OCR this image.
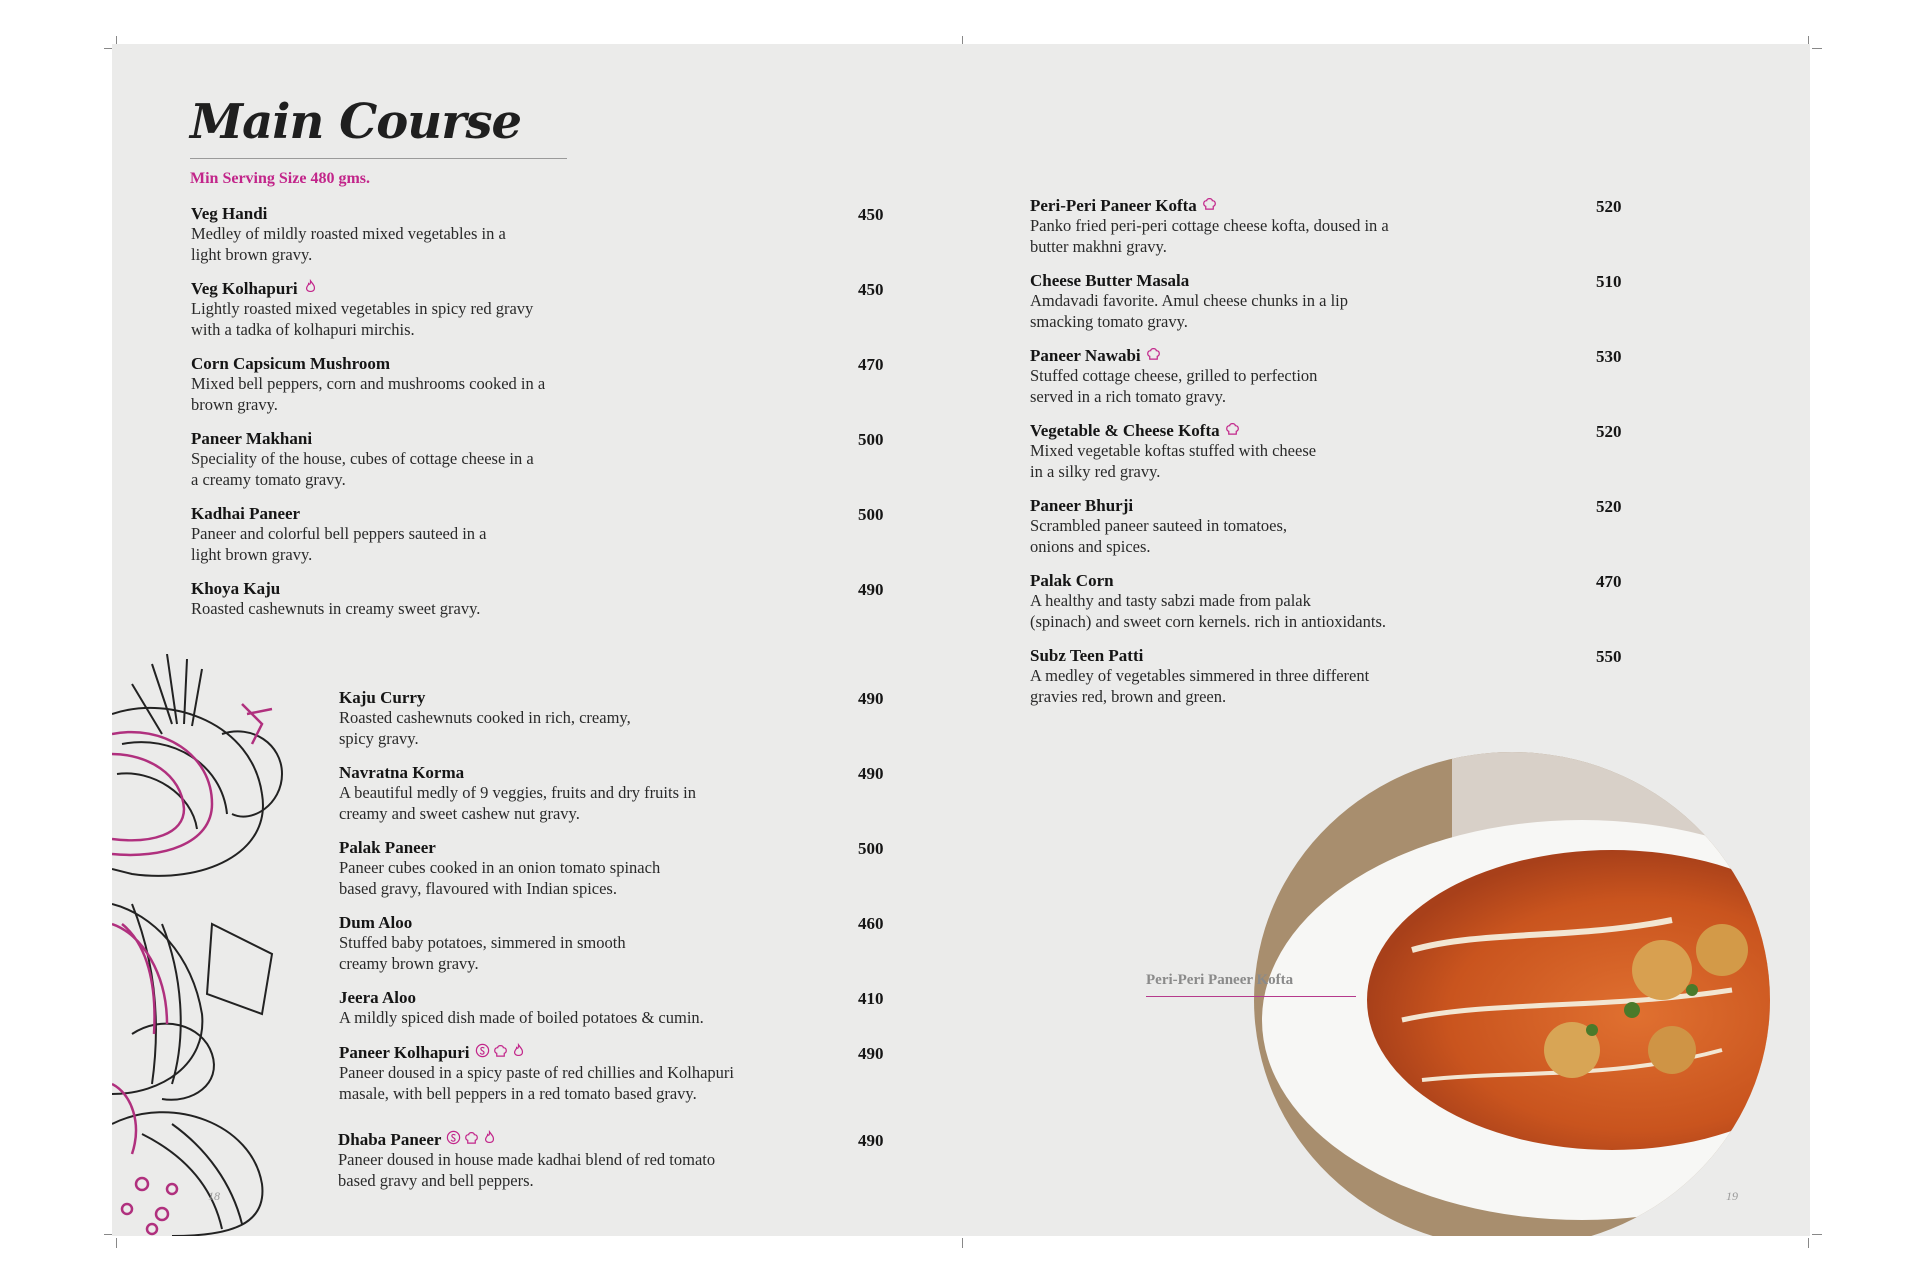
Main Course
Min Serving Size 480 gms.
Peri-Peri Paneer Kofta
18	19
Veg Handi
Medley of mildly roasted mixed vegetables in a
light brown gravy.
450
Veg Kolhapuri
Lightly roasted mixed vegetables in spicy red gravy
with a tadka of kolhapuri mirchis.
450
Corn Capsicum Mushroom
Mixed bell peppers, corn and mushrooms cooked in a
brown gravy.
470
Paneer Makhani
Speciality of the house, cubes of cottage cheese in a
a creamy tomato gravy.
500
Kadhai Paneer
Paneer and colorful bell peppers sauteed in a
light brown gravy.
500
Khoya Kaju
Roasted cashewnuts in creamy sweet gravy.
490
Kaju Curry
Roasted cashewnuts cooked in rich, creamy,
spicy gravy.
490
Navratna Korma
A beautiful medly of 9 veggies, fruits and dry fruits in
creamy and sweet cashew nut gravy.
490
Palak Paneer
Paneer cubes cooked in an onion tomato spinach
based gravy, flavoured with Indian spices.
500
Dum Aloo
Stuffed baby potatoes, simmered in smooth
creamy brown gravy.
460
Jeera Aloo
A mildly spiced dish made of boiled potatoes & cumin.
410
Paneer Kolhapuri
Paneer doused in a spicy paste of red chillies and Kolhapuri
masale, with bell peppers in a red tomato based gravy.
490
Dhaba Paneer
Paneer doused in house made kadhai blend of red tomato
based gravy and bell peppers.
490
Peri-Peri Paneer Kofta
Panko fried peri-peri cottage cheese kofta, doused in a
butter makhni gravy.
520
Cheese Butter Masala
Amdavadi favorite. Amul cheese chunks in a lip
smacking tomato gravy.
510
Paneer Nawabi
Stuffed cottage cheese, grilled to perfection
served in a rich tomato gravy.
530
Vegetable & Cheese Kofta
Mixed vegetable koftas stuffed with cheese
in a silky red gravy.
520
Paneer Bhurji
Scrambled paneer sauteed in tomatoes,
onions and spices.
520
Palak Corn
A healthy and tasty sabzi made from palak
(spinach) and sweet corn kernels. rich in antioxidants.
470
Subz Teen Patti
A medley of vegetables simmered in three different
gravies red, brown and green.
550
